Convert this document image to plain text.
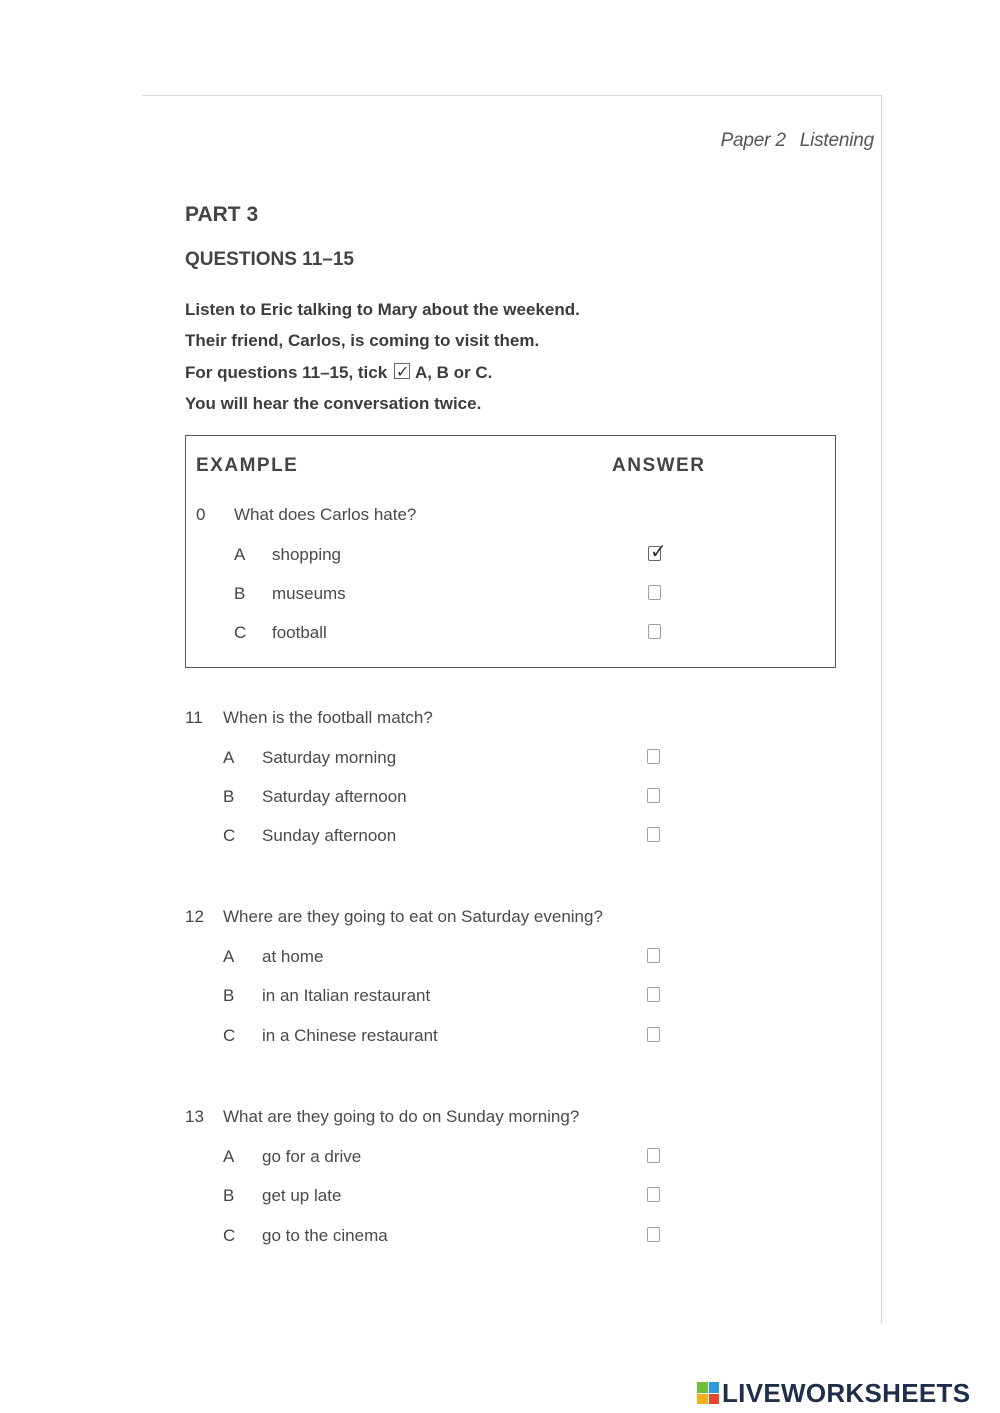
Paper 2 Listening
PART 3
QUESTIONS 11–15
Listen to Eric talking to Mary about the weekend.
Their friend, Carlos, is coming to visit them.
For questions 11–15, tick ✓ A, B or C.
You will hear the conversation twice.
EXAMPLE	ANSWER
0 What does Carlos hate?
A shopping
✓
B museums
C football
11 When is the football match?
A Saturday morning
B Saturday afternoon
C Sunday afternoon
12 Where are they going to eat on Saturday evening?
A at home
B in an Italian restaurant
C in a Chinese restaurant
13 What are they going to do on Sunday morning?
A go for a drive
B get up late
C go to the cinema
LIVEWORKSHEETS
